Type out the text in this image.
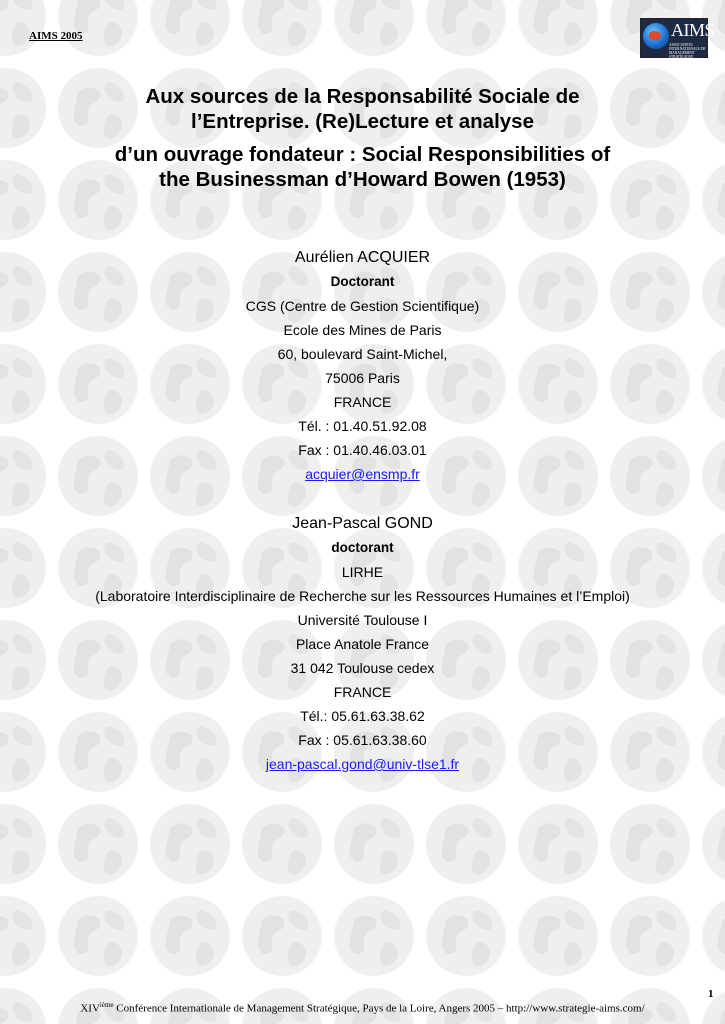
AIMS 2005	AIMS
ASSOCIATION INTERNATIONALE DE MANAGEMENT STRATÉGIQUE
Aux sources de la Responsabilité Sociale de
l’Entreprise. (Re)Lecture et analyse
d’un ouvrage fondateur : Social Responsibilities of
the Businessman d’Howard Bowen (1953)
Aurélien ACQUIER
Doctorant
CGS (Centre de Gestion Scientifique)
Ecole des Mines de Paris
60, boulevard Saint-Michel,
75006 Paris
FRANCE
Tél. : 01.40.51.92.08
Fax : 01.40.46.03.01
acquier@ensmp.fr
Jean-Pascal GOND
doctorant
LIRHE
(Laboratoire Interdisciplinaire de Recherche sur les Ressources Humaines et l’Emploi)
Université Toulouse I
Place Anatole France
31 042 Toulouse cedex
FRANCE
Tél.: 05.61.63.38.62
Fax : 05.61.63.38.60
jean-pascal.gond@univ-tlse1.fr
1
XIVième Conférence Internationale de Management Stratégique, Pays de la Loire, Angers 2005 – http://www.strategie-aims.com/
